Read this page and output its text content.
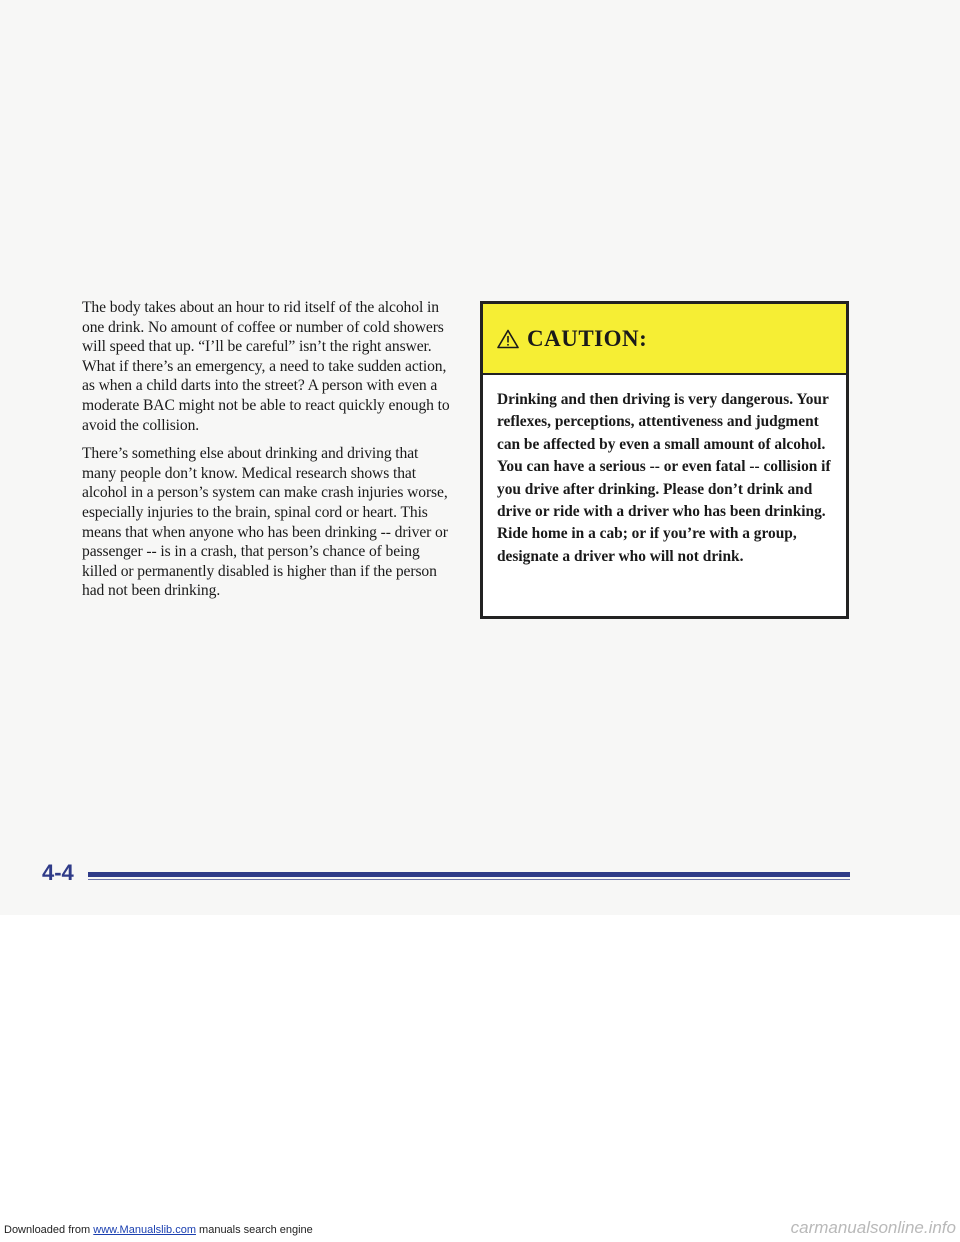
The body takes about an hour to rid itself of the alcohol in one drink. No amount of coffee or number of cold showers will speed that up. “I’ll be careful” isn’t the right answer. What if there’s an emergency, a need to take sudden action, as when a child darts into the street? A person with even a moderate BAC might not be able to react quickly enough to avoid the collision.

There’s something else about drinking and driving that many people don’t know. Medical research shows that alcohol in a person’s system can make crash injuries worse, especially injuries to the brain, spinal cord or heart. This means that when anyone who has been drinking -- driver or passenger -- is in a crash, that person’s chance of being killed or permanently disabled is higher than if the person had not been drinking.

CAUTION:
Drinking and then driving is very dangerous. Your reflexes, perceptions, attentiveness and judgment can be affected by even a small amount of alcohol. You can have a serious -- or even fatal -- collision if you drive after drinking. Please don’t drink and drive or ride with a driver who has been drinking. Ride home in a cab; or if you’re with a group, designate a driver who will not drink.
4-4
Downloaded from www.Manualslib.com manuals search engine	carmanualsonline.info
